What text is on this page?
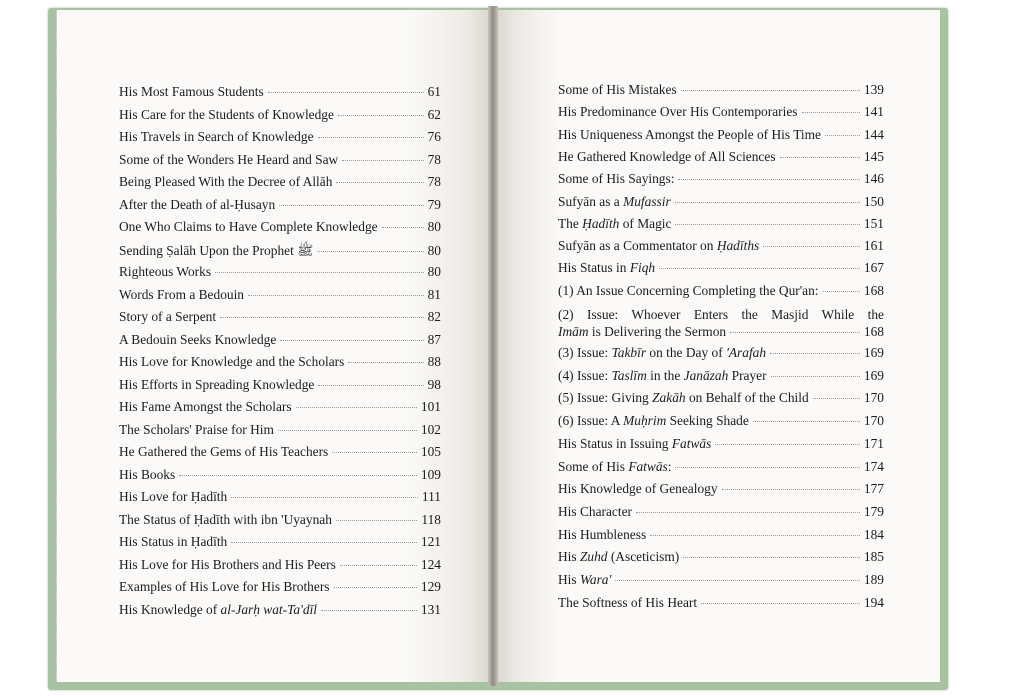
His Most Famous Students	61
His Care for the Students of Knowledge	62
His Travels in Search of Knowledge	76
Some of the Wonders He Heard and Saw	78
Being Pleased With the Decree of Allāh	78
After the Death of al-Ḥusayn	79
One Who Claims to Have Complete Knowledge	80
Sending Ṣalāh Upon the Prophet ﷺ	80
Righteous Works	80
Words From a Bedouin	81
Story of a Serpent	82
A Bedouin Seeks Knowledge	87
His Love for Knowledge and the Scholars	88
His Efforts in Spreading Knowledge	98
His Fame Amongst the Scholars	101
The Scholars' Praise for Him	102
He Gathered the Gems of His Teachers	105
His Books	109
His Love for Ḥadīth	111
The Status of Ḥadīth with ibn 'Uyaynah	118
His Status in Ḥadīth	121
His Love for His Brothers and His Peers	124
Examples of His Love for His Brothers	129
His Knowledge of al-Jarḥ wat-Ta'dīl	131
Some of His Mistakes	139
His Predominance Over His Contemporaries	141
His Uniqueness Amongst the People of His Time	144
He Gathered Knowledge of All Sciences	145
Some of His Sayings:	146
Sufyān as a Mufassir	150
The Ḥadīth of Magic	151
Sufyān as a Commentator on Ḥadīths	161
His Status in Fiqh	167
(1) An Issue Concerning Completing the Qur'an:	168
(2) Issue: Whoever Enters the Masjid While the
Imām is Delivering the Sermon	168
(3) Issue: Takbīr on the Day of 'Arafah	169
(4) Issue: Taslīm in the Janāzah Prayer	169
(5) Issue: Giving Zakāh on Behalf of the Child	170
(6) Issue: A Muḥrim Seeking Shade	170
His Status in Issuing Fatwās	171
Some of His Fatwās:	174
His Knowledge of Genealogy	177
His Character	179
His Humbleness	184
His Zuhd (Asceticism)	185
His Wara'	189
The Softness of His Heart	194
